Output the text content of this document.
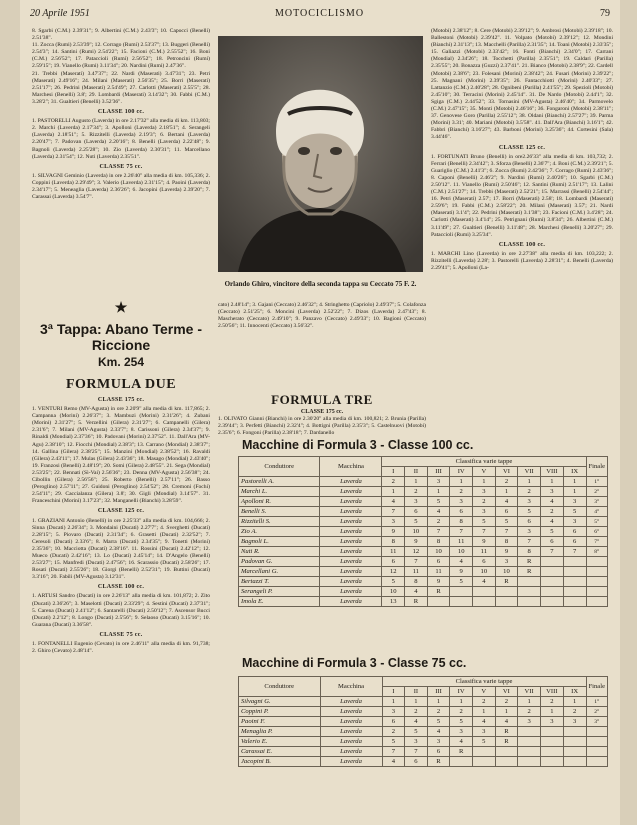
20 Aprile 1951	MOTOCICLISMO	79

8. Sgarbi (C.M.) 2.39'31"; 9. Albertini (C.M.) 2.43'3"; 10. Capocci (Benelli) 2.51'38".

11. Zocca (Rumi) 2.53'39"; 12. Corrago (Rumi) 2.53'37"; 13. Buggeri (Benelli) 2.54'3"; 14. Santini (Rumi) 2.54'22"; 15. Facioni (C.M.) 2.55'52"; 16. Boni (C.M.) 2.56'52"; 17. Pataccioli (Rumi) 2.56'52"; 18. Petroncini (Rumi) 2.59'15"; 19. Vianello (Rumi) 3.11'34"; 20. Nardini (Rumi) 2.47'36".

21. Trebbi (Maserati) 3.47'37"; 22. Nardi (Maserati) 3.47'31"; 23. Petri (Maserati) 2.49'16"; 24. Milani (Maserati) 2.56'35"; 25. Borri (Maserati) 2.51'17"; 26. Pedrini (Maserati) 2.54'49"; 27. Carlotti (Maserati) 2.55'5"; 28. Marchesi (Benelli) 3.8'; 29. Lombardi (Maserati) 3.14'32"; 30. Fabbi (C.M.) 3.28'2"; 31. Gualtieri (Benelli) 3.52'36".

CLASSE 100 cc.

1. PASTORELLI Augusto (Laverda) in ore 2.17'32" alla media di km. 113,803; 2. Marchi (Laverda) 2.17'34"; 3. Apolloni (Laverda) 2.18'51"; 4. Serangeli (Laverda) 2.18'51"; 5. Rizzitelli (Laverda) 2.19'3"; 6. Bertani (Laverda) 2.20'47"; 7. Padovan (Laverda) 2.20'16"; 8. Benelli (Laverda) 2.22'48"; 9. Bagnoli (Laverda) 2.25'28"; 10. Zio (Laverda) 2.30'31"; 11. Marcellano (Laverda) 2.31'54"; 12. Nuti (Laverda) 2.35'51".

CLASSE 75 cc.

1. SILVAGNI Geminio (Laverda) in ore 2.26'40" alla media di km. 105,336; 2. Coppini (Laverda) 2.29'49"; 3. Valerio (Laverda) 2.31'15"; 4. Paoini (Laverda) 2.34'17"; 5. Meneaglia (Laverda) 2.36'26"; 6. Jacopini (Laverda) 2.39'20"; 7. Carassai (Laverda) 3.54'7".

★
3ª Tappa: Abano Terme - Riccione
Km. 254
FORMULA DUE
CLASSE 175 cc.

1. VENTURI Remo (MV-Agusta) in ore 2.20'9" alla media di km. 117,865; 2. Campanna (Morini) 2.26'37"; 3. Mambuzi (Morini) 2.31'26"; 4. Zubani (Morini) 2.31'27"; 5. Verzellini (Gilera) 2.31'27"; 6. Campanelli (Gilera) 2.31'6"; 7. Milani (MV-Agusta) 2.33'7"; 8. Carissoni (Gilera) 2.34'37"; 9. Rinaldi (Mondial) 2.37'36"; 10. Padovani (Morini) 2.37'52". 11. Dall'Ara (MV-Agu) 2.38'10"; 12. Fiocchi (Mondial) 2.38'3"; 13. Carrano (Mondial) 2.38'37"; 14. Gallina (Gilera) 2.38'25"; 15. Manzini (Mondial) 2.38'52"; 16. Ravaldi (Gilera) 2.43'11"; 17. Mulas (Gilera) 2.43'36"; 18. Masago (Mondial) 2.43'40"; 19. Franzosi (Benelli) 2.48'19"; 20. Somi (Gilera) 2.48'55". 21. Sega (Mondial) 2.53'25"; 22. Bennati (Sì-Vai) 2.56'36"; 23. Denna (MV-Agusta) 2.56'38"; 24. Cibollin (Gilera) 2.56'56"; 25. Roberto (Benelli) 2.57'11"; 26. Basso (Peroglino) 2.57'11"; 27. Guidoni (Peroglino) 2.54'52"; 28. Cremoni (Fochi) 2.54'11"; 29. Caccialanza (Gilera) 3.8'; 30. Gigli (Mondial) 3.14'57". 31. Franceschini (Morini) 3.17'23"; 32. Manganelli (Bianchi) 3.28'59".

CLASSE 125 cc.

1. GRAZIANI Antonio (Benelli) in ore 2.25'33" alla media di km. 104,666; 2. Sinna (Ducati) 2.26'34"; 3. Mondaini (Ducati) 2.27'7"; 4. Sverghetti (Ducati) 2.28'15"; 5. Piovaro (Ducati) 2.31'34"; 6. Grasetti (Ducati) 2.32'52"; 7. Ceresoli (Ducati) 2.33'6"; 8. Marra (Ducati) 2.34'35"; 9. Tonetti (Morini) 2.35'36"; 10. Macciotta (Ducati) 2.38'16". 11. Rossini (Ducati) 2.42'12"; 12. Mueco (Ducati) 2.42'16"; 13. Lo (Ducati) 2.45'14"; 14. D'Angelo (Benelli) 2.53'27"; 15. Manfredi (Ducati) 2.47'56"; 16. Scarassio (Ducati) 2.58'26"; 17. Rosati (Ducati) 2.55'26"; 18. Giorgi (Benelli) 2.52'31"; 19. Buttini (Ducati) 3.3'16"; 20. Fabili (MV-Agusta) 3.12'31".

CLASSE 100 cc.

1. ARTUSI Sandro (Ducati) in ore 2.26'13" alla media di km. 101,872; 2. Zito (Ducati) 2.36'26"; 3. Maselotti (Ducati) 2.33'29"; 4. Sestini (Ducati) 2.37'31"; 5. Carena (Ducati) 2.41'12"; 6. Santarelli (Ducati) 2.50'12"; 7. Ascensor Bucci (Ducati) 2.2'12"; 8. Longo (Ducati) 2.5'56"; 9. Selaoso (Ducati) 3.15'16"; 10. Guarana (Ducati) 3.36'58".

CLASSE 75 cc.

1. FONTANELLI Eugenio (Cevato) in ore 2.46'11" alla media di km. 91,738; 2. Ghiro (Cevato) 2.48'14".

Orlando Ghiro, vincitore della seconda tappa su Ceccato 75 F. 2.

cato) 2.48'14"; 3. Gajani (Ceccato) 2.46'32"; 4. Stringhetto (Capriolo) 2.49'37"; 5. Colafonza (Ceccato) 2.51'25"; 6. Moncini (Laverda) 2.52'22"; 7. Dizos (Laverda) 2.47'43"; 8. Mascherato (Ceccato) 2.49'10"; 9. Panzavo (Ceccato) 2.49'33"; 10. Bagioni (Ceccato) 2.50'56"; 11. Innocenti (Ceccato) 3.56'32".

FORMULA TRE
CLASSE 175 cc.

1. OLIVATO Gianni (Bianchi) in ore 2.30'20" alla media di km. 100,821; 2. Brunia (Parilla) 2.39'44"; 3. Perfetti (Bianchi) 2.32'4"; 4. Bottigni (Parilla) 2.35'3"; 5. Castelnuovi (Motobi) 2.35'6"; 6. Fongoni (Parilla) 2.38'18"; 7. Dardanello

(Motobi) 2.38'12"; 8. Cere (Motobi) 2.39'12"; 9. Ambrosi (Motobi) 2.39'18"; 10. Ballestoni (Motobi) 2.39'42". 11. Volpato (Motobi) 2.39'12"; 12. Mondini (Bianchi) 2.31'13"; 13. Macchelli (Parilla) 2.31'35"; 14. Toani (Motobi) 2.33'35"; 15. Galiazzi (Motobi) 2.33'42"; 16. Fonti (Bianchi) 2.34'0"; 17. Carrani (Mondial) 2.34'26"; 18. Tocchetti (Parilla) 2.35'51"; 19. Caldari (Parilla) 2.35'55"; 20. Bonazza (Guzzi) 2.37'41". 21. Bianco (Motobi) 2.38'9"; 22. Cardell (Motobi) 2.38'6"; 23. Folesani (Morini) 2.38'42"; 24. Fusari (Morini) 2.39'22"; 25. Magnani (Morini) 2.39'35"; 26. Fantacchiotti (Morini) 2.40'33"; 27. Lattanzio (C.M.) 2.40'28"; 28. Ognibeni (Parilla) 2.41'55"; 29. Spezioli (Motobi) 2.45'10"; 30. Terracini (Morini) 2.45'14". 31. De Nardo (Motobi) 2.44'1"; 32. Sgiga (C.M.) 2.44'52"; 33. Tornasini (MV-Agusta) 2.46'40"; 34. Parmovelo (C.M.) 2.47'15"; 35. Monti (Motobi) 2.46'16"; 36. Fongaroni (Motobi) 2.38'11"; 37. Genovese Goro (Parilla) 2.55'12"; 38. Oldani (Bianchi) 2.57'27"; 39. Parma (Morini) 3.31'; 40. Mariani (Motobi) 3.5'58". 41. Dall'Ara (Bianchi) 3.16'1"; 42. Fabbri (Bianchi) 3.16'27"; 43. Barboni (Morini) 3.25'36"; 44. Cortesini (Sala) 3.44'46".

CLASSE 125 cc.

1. FORTUNATI Bruno (Benelli) in ore2.26'33" alla media di km. 103,732; 2. Ferrari (Benelli) 2.34'42"; 3. Sforza (Benelli) 2.36'7"; 4. Boni (C.M.) 2.39'21"; 5. Guariglio (C.M.) 2.41'3"; 6. Zocca (Rumi) 2.42'36"; 7. Corrago (Rumi) 2.43'36"; 8. Caponi (Benelli) 2.46'2"; 9. Nardini (Rumi) 2.40'26"; 10. Sgarbi (C.M.) 2.50'12". 11. Vianello (Rumi) 2.50'46"; 12. Santini (Rumi) 2.51'17"; 13. Lalini (C.M.) 2.51'27"; 14. Trebbi (Maserati) 2.52'21"; 15. Marrassi (Benelli) 2.54'44"; 16. Petri (Maserati) 2.57'; 17. Borri (Maserati) 2.58'; 18. Lombardi (Maserati) 2.59'6"; 19. Fabbi (C.M.) 2.58'22"; 20. Milani (Maserati) 3.57'; 21. Nardi (Maserati) 3.1'4"; 22. Pedrini (Maserati) 3.1'38"; 23. Facioni (C.M.) 3.4'28"; 24. Carlotti (Maserati) 3.4'14"; 25. Petrignani (Rumi) 3.8'34"; 26. Albertini (C.M.) 3.11'49"; 27. Gualtieri (Benelli) 3.11'48"; 28. Marchesi (Benelli) 3.20'27"; 29. Pataccioli (Rumi) 3.25'34".

CLASSE 100 cc.

1. MARCHI Lino (Laverda) in ore 2.27'38" alla media di km. 103,222; 2. Rizzitelli (Laverda) 2.28'; 3. Pastorelli (Laverda) 2.28'31"; 4. Benelli (Laverda) 2.29'41"; 5. Apolloni (La-

Macchine di Formula 3 - Classe 100 cc.
Conduttore	Macchina	Classifica varie tappe									Finale
		I	II	III	IV	V	VI	VII	VIII	IX	
Pastorelli A.	Laverda	2	1	3	1	1	2	1	1	1	1°
Marchi L.	Laverda	1	2	1	2	3	1	2	3	1	2°
Apolloni R.	Laverda	4	3	5	3	2	4	3	4	3	3°
Benelli S.	Laverda	7	6	4	6	3	6	5	2	5	4°
Rizzitelli S.	Laverda	3	5	2	8	5	5	6	4	3	5°
Zio A.	Laverda	9	10	7	7	7	7	3	5	6	6°
Bagnoli L.	Laverda	8	9	8	11	9	8	7	6	6	7°
Nuti R.	Laverda	11	12	10	10	11	9	8	7	7	8°
Padovan G.	Laverda	6	7	6	4	6	3	R			
Marcellani G.	Laverda	12	11	11	9	10	10	R			
Bertazzi T.	Laverda	5	8	9	5	4	R				
Serangeli P.	Laverda	10	4	R							
Imola E.	Laverda	13	R								
Macchine di Formula 3 - Classe 75 cc.
Conduttore	Macchina	Classifica varie tappe									Finale
		I	II	III	IV	V	VI	VII	VIII	IX	
Silvagni G.	Laverda	1	1	1	1	2	2	1	2	1	1°
Coppini P.	Laverda	3	2	2	2	1	1	2	1	2	2°
Paoini F.	Laverda	6	4	5	5	4	4	3	3	3	3°
Menaglia P.	Laverda	2	5	4	3	3	R				
Valerio E.	Laverda	5	3	3	4	5	R				
Carassai E.	Laverda	7	7	6	R						
Jacopini B.	Laverda	4	6	R							
